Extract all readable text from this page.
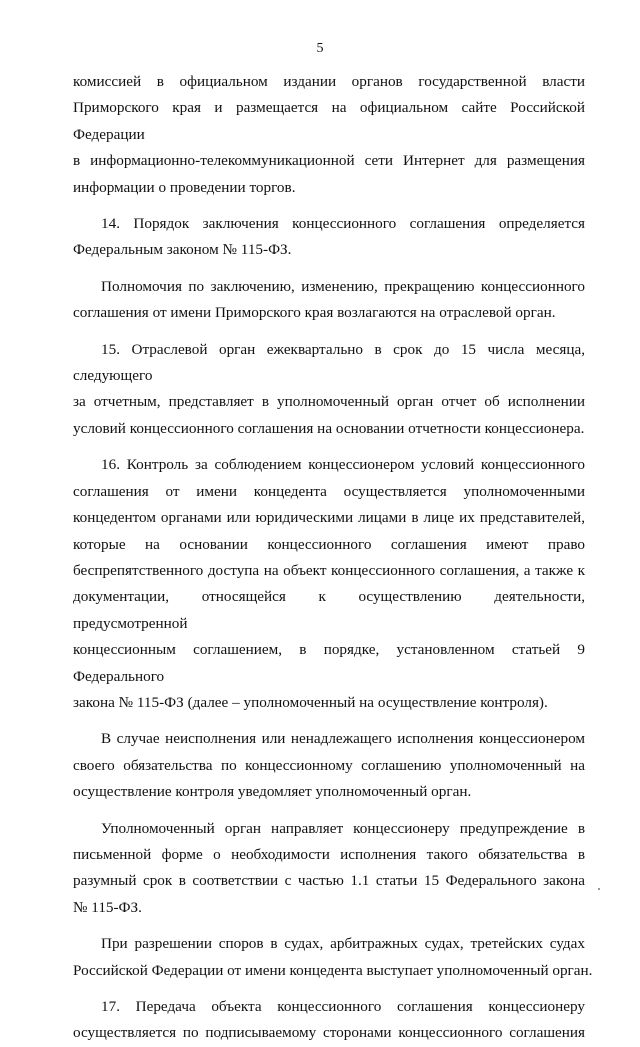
5
комиссией в официальном издании органов государственной власти
Приморского края и размещается на официальном сайте Российской Федерации
в информационно-телекоммуникационной сети Интернет для размещения
информации о проведении торгов.
14. Порядок заключения концессионного соглашения определяется
Федеральным законом № 115-ФЗ.
Полномочия по заключению, изменению, прекращению концессионного
соглашения от имени Приморского края возлагаются на отраслевой орган.
15. Отраслевой орган ежеквартально в срок до 15 числа месяца, следующего
за отчетным, представляет в уполномоченный орган отчет об исполнении
условий концессионного соглашения на основании отчетности концессионера.
16. Контроль за соблюдением концессионером условий концессионного
соглашения от имени концедента осуществляется уполномоченными
концедентом органами или юридическими лицами в лице их представителей,
которые на основании концессионного соглашения имеют право
беспрепятственного доступа на объект концессионного соглашения, а также к
документации, относящейся к осуществлению деятельности, предусмотренной
концессионным соглашением, в порядке, установленном статьей 9 Федерального
закона № 115-ФЗ (далее – уполномоченный на осуществление контроля).
В случае неисполнения или ненадлежащего исполнения концессионером
своего обязательства по концессионному соглашению уполномоченный на
осуществление контроля уведомляет уполномоченный орган.
Уполномоченный орган направляет концессионеру предупреждение в
письменной форме о необходимости исполнения такого обязательства в
разумный срок в соответствии с частью 1.1 статьи 15 Федерального закона
№ 115-ФЗ.
При разрешении споров в судах, арбитражных судах, третейских судах
Российской Федерации от имени концедента выступает уполномоченный орган.
17. Передача объекта концессионного соглашения концессионеру
осуществляется по подписываемому сторонами концессионного соглашения
